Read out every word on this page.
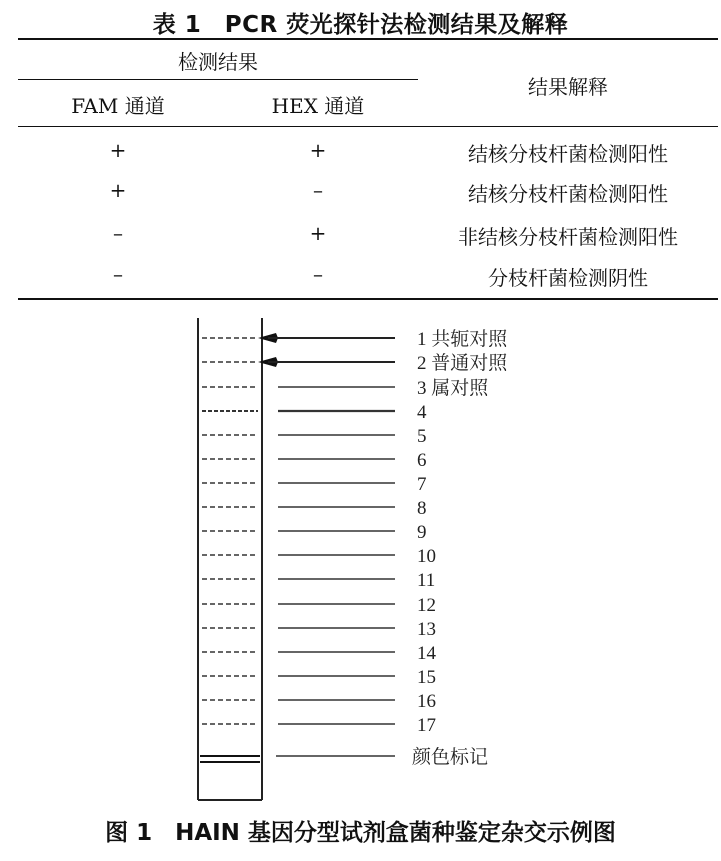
表 1　PCR 荧光探针法检测结果及解释
检测结果
FAM 通道	HEX 通道
结果解释
+	+	结核分枝杆菌检测阳性
+	–	结核分枝杆菌检测阳性
–	+	非结核分枝杆菌检测阳性
–	–	分枝杆菌检测阴性
1 共轭对照
2 普通对照
3 属对照
4
5
6
7
8
9
10
11
12
13
14
15
16
17
颜色标记
图 1　HAIN 基因分型试剂盒菌种鉴定杂交示例图
